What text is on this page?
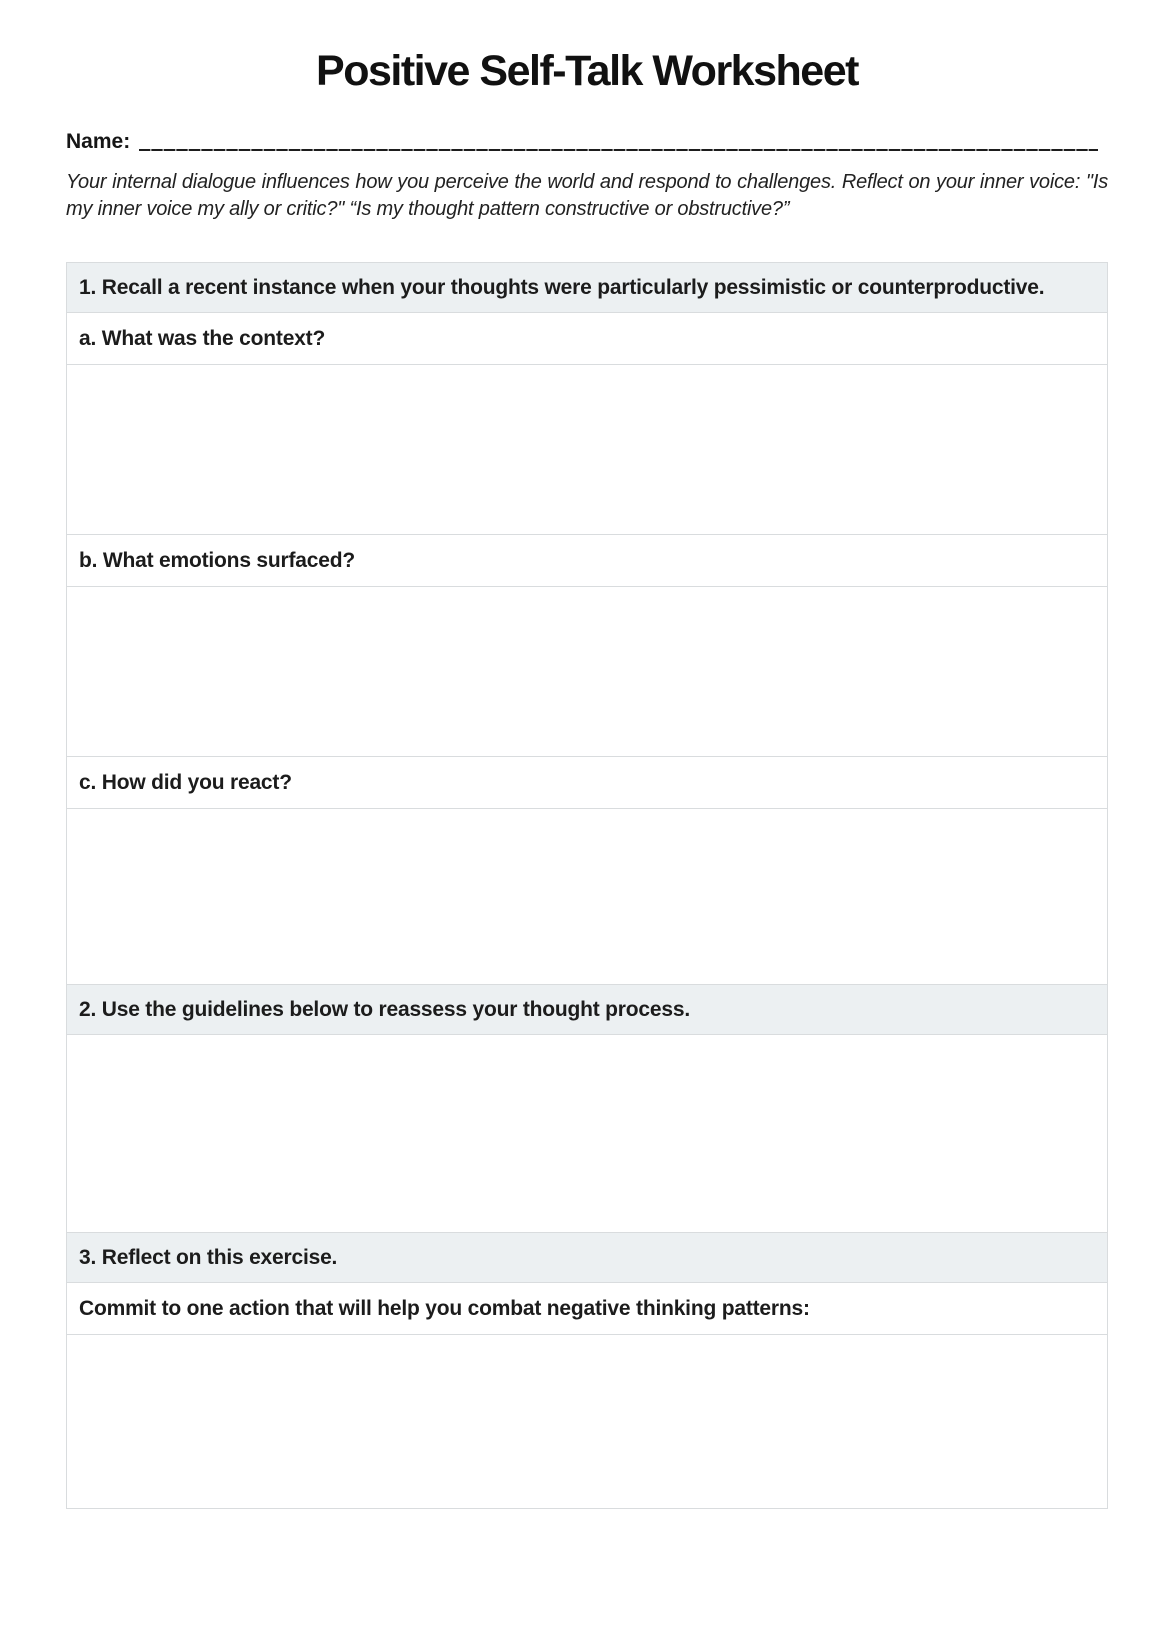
Positive Self-Talk Worksheet
Name:

Your internal dialogue influences how you perceive the world and respond to challenges. Reflect on your inner voice: "Is my inner voice my ally or critic?" “Is my thought pattern constructive or obstructive?”

1. Recall a recent instance when your thoughts were particularly pessimistic or counterproductive.
a. What was the context?
b. What emotions surfaced?
c. How did you react?
2. Use the guidelines below to reassess your thought process.
3. Reflect on this exercise.
Commit to one action that will help you combat negative thinking patterns:
